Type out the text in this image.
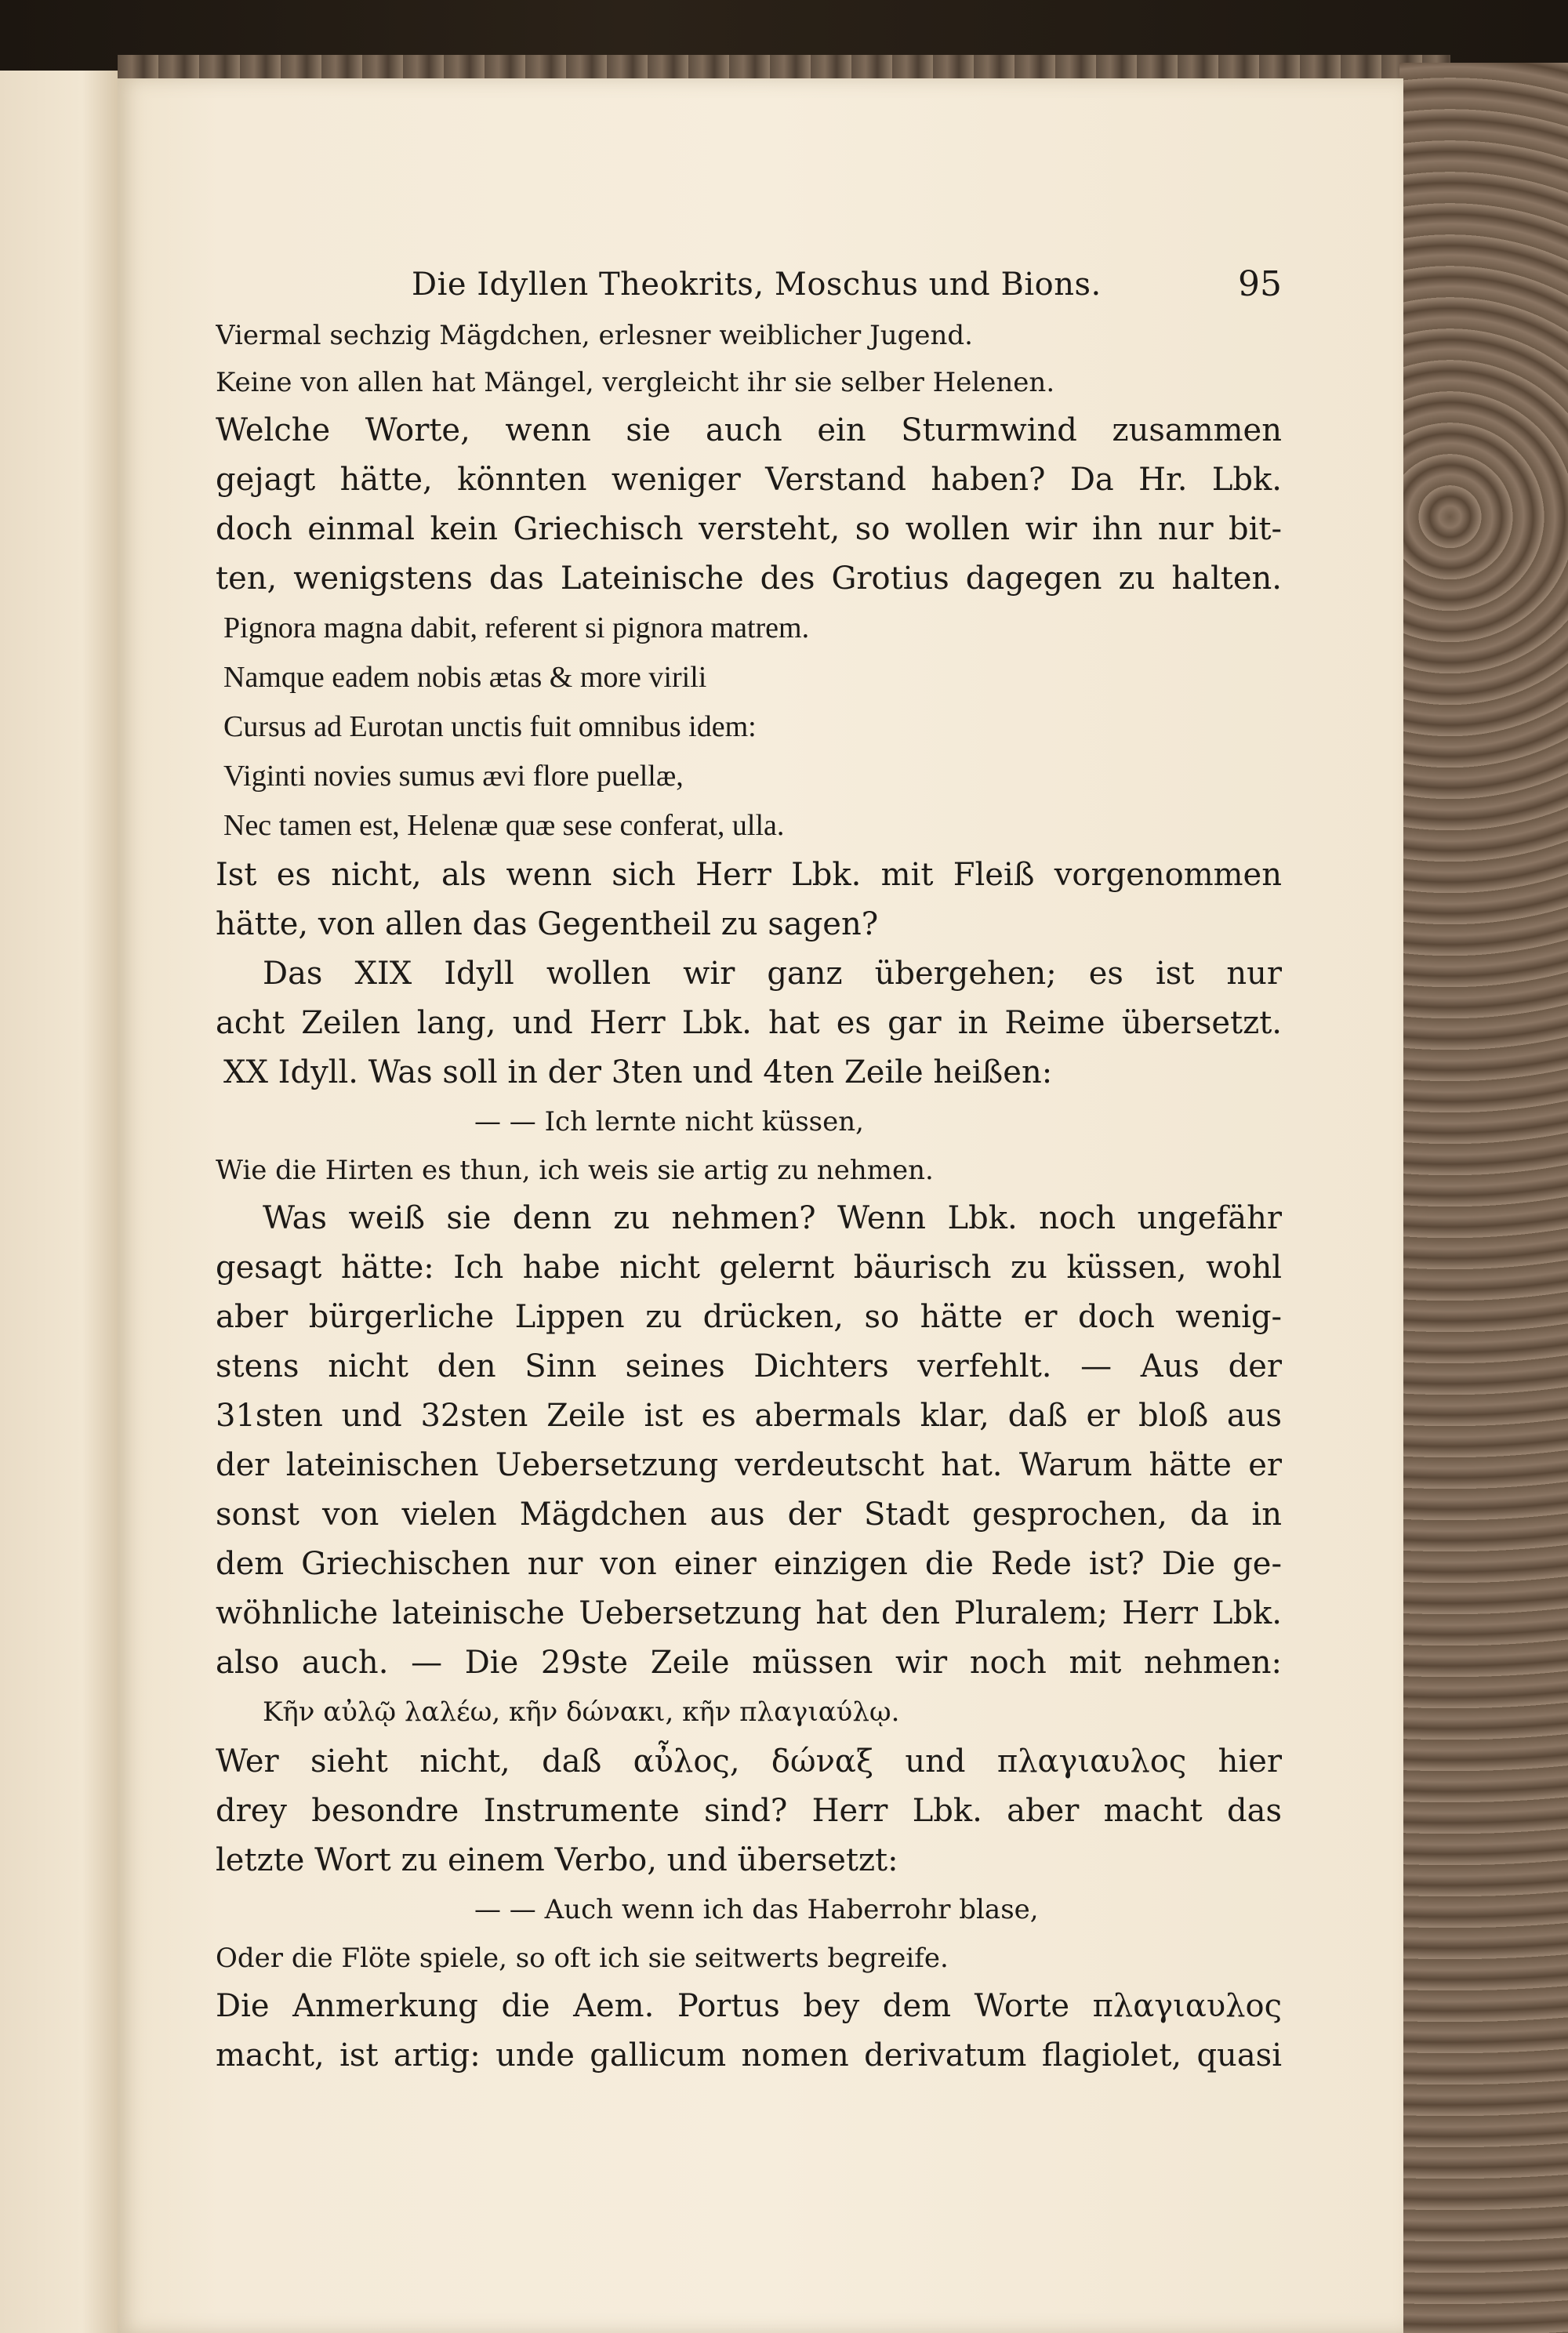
Die Idyllen Theokrits, Moschus und Bions.	95
Viermal sechzig Mägdchen, erlesner weiblicher Jugend.
Keine von allen hat Mängel, vergleicht ihr sie selber Helenen.
Welche Worte, wenn sie auch ein Sturmwind zusammen
gejagt hätte, könnten weniger Verstand haben? Da Hr. Lbk.
doch einmal kein Griechisch versteht, so wollen wir ihn nur bit-
ten, wenigstens das Lateinische des Grotius dagegen zu halten.
Pignora magna dabit, referent si pignora matrem.
Namque eadem nobis ætas & more virili
Cursus ad Eurotan unctis fuit omnibus idem:
Viginti novies sumus ævi flore puellæ,
Nec tamen est, Helenæ quæ sese conferat, ulla.
Ist es nicht, als wenn sich Herr Lbk. mit Fleiß vorgenommen
hätte, von allen das Gegentheil zu sagen?
Das XIX Idyll wollen wir ganz übergehen; es ist nur
acht Zeilen lang, und Herr Lbk. hat es gar in Reime übersetzt.
XX Idyll. Was soll in der 3ten und 4ten Zeile heißen:
— — Ich lernte nicht küssen,
Wie die Hirten es thun, ich weis sie artig zu nehmen.
Was weiß sie denn zu nehmen? Wenn Lbk. noch ungefähr
gesagt hätte: Ich habe nicht gelernt bäurisch zu küssen, wohl
aber bürgerliche Lippen zu drücken, so hätte er doch wenig-
stens nicht den Sinn seines Dichters verfehlt. — Aus der
31sten und 32sten Zeile ist es abermals klar, daß er bloß aus
der lateinischen Uebersetzung verdeutscht hat. Warum hätte er
sonst von vielen Mägdchen aus der Stadt gesprochen, da in
dem Griechischen nur von einer einzigen die Rede ist? Die ge-
wöhnliche lateinische Uebersetzung hat den Pluralem; Herr Lbk.
also auch. — Die 29ste Zeile müssen wir noch mit nehmen:
Κῆν αὐλῷ λαλέω, κῆν δώνακι, κῆν πλαγιαύλῳ.
Wer sieht nicht, daß αὖλος, δώναξ und πλαγιαυλος hier
drey besondre Instrumente sind? Herr Lbk. aber macht das
letzte Wort zu einem Verbo, und übersetzt:
— — Auch wenn ich das Haberrohr blase,
Oder die Flöte spiele, so oft ich sie seitwerts begreife.
Die Anmerkung die Aem. Portus bey dem Worte πλαγιαυλος
macht, ist artig: unde gallicum nomen derivatum flagiolet, quasi
